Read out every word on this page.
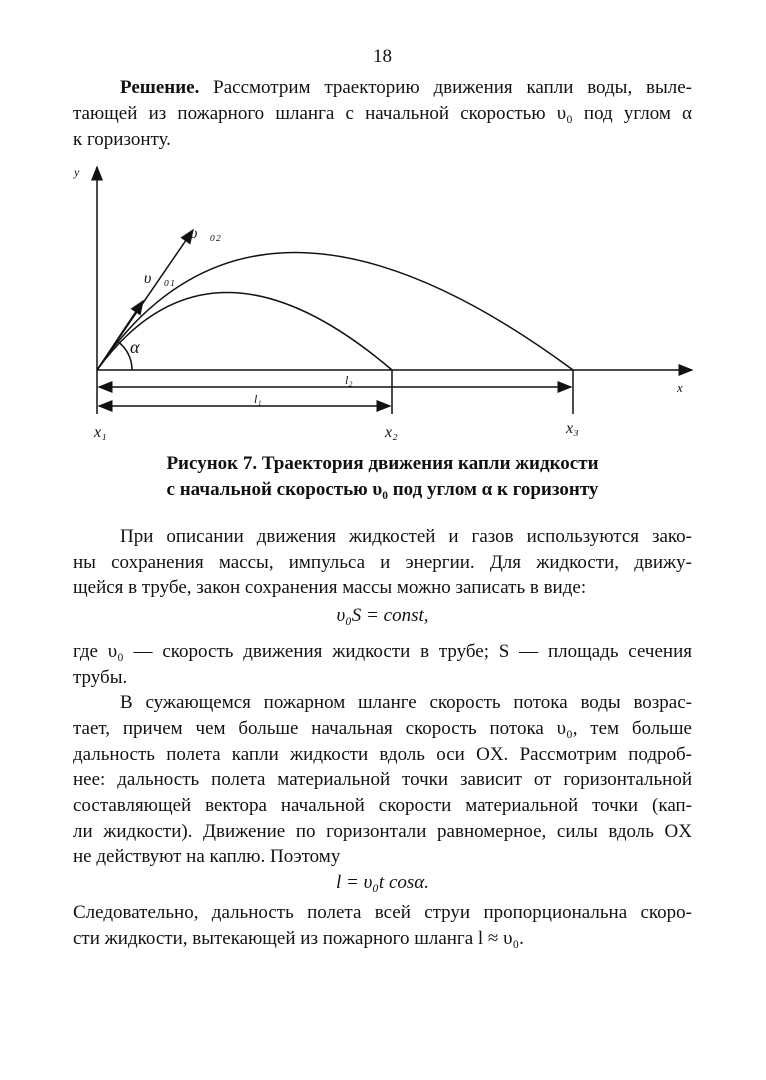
18
Решение. Рассмотрим траекторию движения капли воды, выле-
тающей из пожарного шланга с начальной скоростью υ₀ под углом α
к горизонту.
y
x
υ⃗₀₂
υ⃗₀₁
α
l₂
l₁
x₁	x₂	x₃
Рисунок 7. Траектория движения капли жидкости
с начальной скоростью υ₀ под углом α к горизонту
При описании движения жидкостей и газов используются зако-
ны сохранения массы, импульса и энергии. Для жидкости, движу-
щейся в трубе, закон сохранения массы можно записать в виде:
υ₀S = const,
где υ₀ — скорость движения жидкости в трубе; S — площадь сечения
трубы.
В сужающемся пожарном шланге скорость потока воды возрас-
тает, причем чем больше начальная скорость потока υ₀, тем больше
дальность полета капли жидкости вдоль оси OX. Рассмотрим подроб-
нее: дальность полета материальной точки зависит от горизонтальной
составляющей вектора начальной скорости материальной точки (кап-
ли жидкости). Движение по горизонтали равномерное, силы вдоль OX
не действуют на каплю. Поэтому
l = υ₀t cosα.
Следовательно, дальность полета всей струи пропорциональна скоро-
сти жидкости, вытекающей из пожарного шланга l ≈ υ₀.
